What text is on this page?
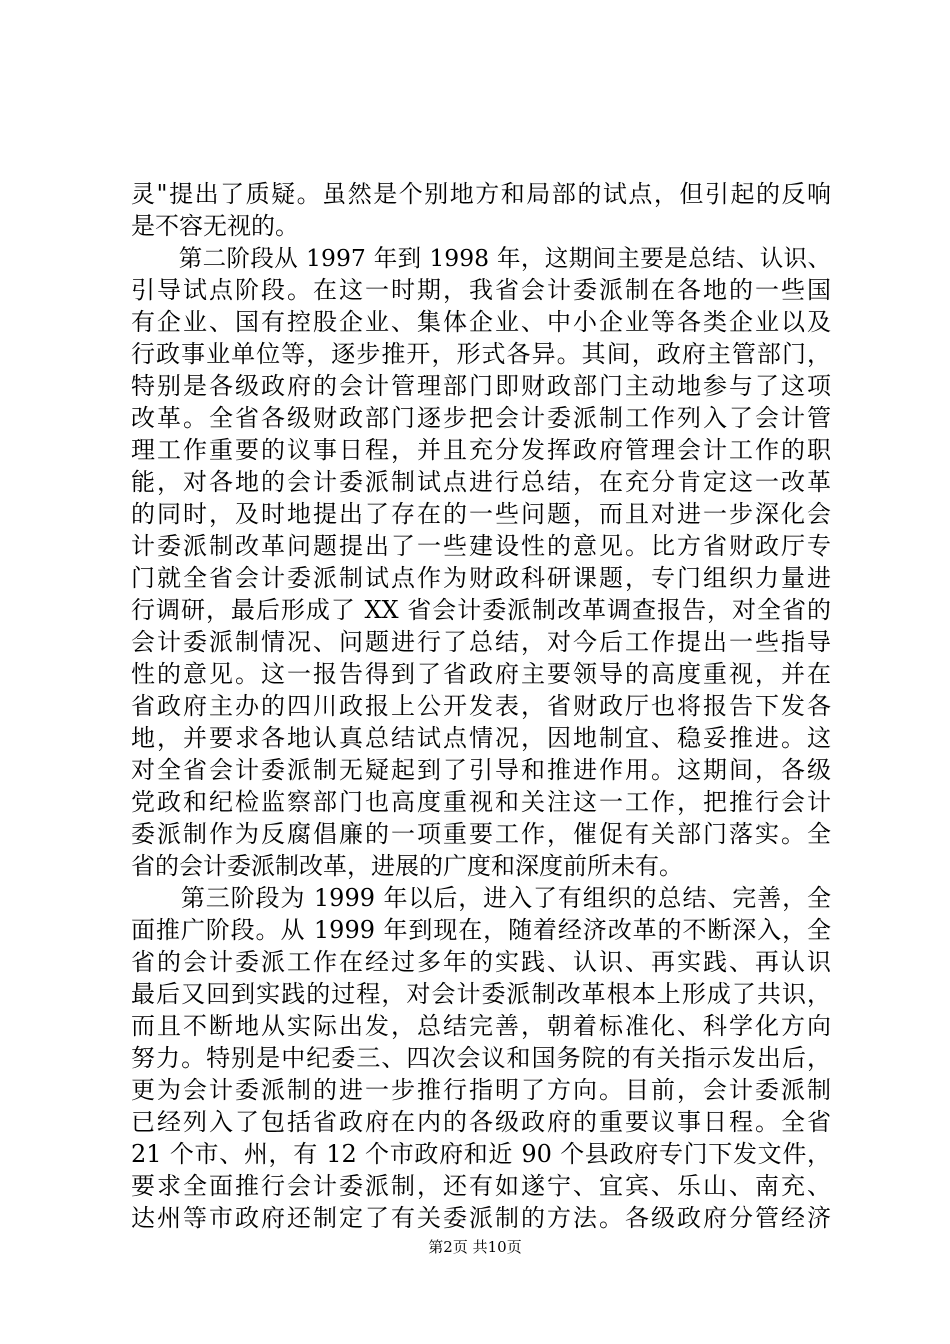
灵"提出了质疑。虽然是个别地方和局部的试点，但引起的反响
是不容无视的。
　　第二阶段从 1997 年到 1998 年，这期间主要是总结、认识、
引导试点阶段。在这一时期，我省会计委派制在各地的一些国
有企业、国有控股企业、集体企业、中小企业等各类企业以及
行政事业单位等，逐步推开，形式各异。其间，政府主管部门，
特别是各级政府的会计管理部门即财政部门主动地参与了这项
改革。全省各级财政部门逐步把会计委派制工作列入了会计管
理工作重要的议事日程，并且充分发挥政府管理会计工作的职
能，对各地的会计委派制试点进行总结，在充分肯定这一改革
的同时，及时地提出了存在的一些问题，而且对进一步深化会
计委派制改革问题提出了一些建设性的意见。比方省财政厅专
门就全省会计委派制试点作为财政科研课题，专门组织力量进
行调研，最后形成了 XX 省会计委派制改革调查报告，对全省的
会计委派制情况、问题进行了总结，对今后工作提出一些指导
性的意见。这一报告得到了省政府主要领导的高度重视，并在
省政府主办的四川政报上公开发表，省财政厅也将报告下发各
地，并要求各地认真总结试点情况，因地制宜、稳妥推进。这
对全省会计委派制无疑起到了引导和推进作用。这期间，各级
党政和纪检监察部门也高度重视和关注这一工作，把推行会计
委派制作为反腐倡廉的一项重要工作，催促有关部门落实。全
省的会计委派制改革，进展的广度和深度前所未有。
　　第三阶段为 1999 年以后，进入了有组织的总结、完善，全
面推广阶段。从 1999 年到现在，随着经济改革的不断深入，全
省的会计委派工作在经过多年的实践、认识、再实践、再认识
最后又回到实践的过程，对会计委派制改革根本上形成了共识，
而且不断地从实际出发，总结完善，朝着标准化、科学化方向
努力。特别是中纪委三、四次会议和国务院的有关指示发出后，
更为会计委派制的进一步推行指明了方向。目前，会计委派制
已经列入了包括省政府在内的各级政府的重要议事日程。全省
21 个市、州，有 12 个市政府和近 90 个县政府专门下发文件，
要求全面推行会计委派制，还有如遂宁、宜宾、乐山、南充、
达州等市政府还制定了有关委派制的方法。各级政府分管经济
第2页 共10页
